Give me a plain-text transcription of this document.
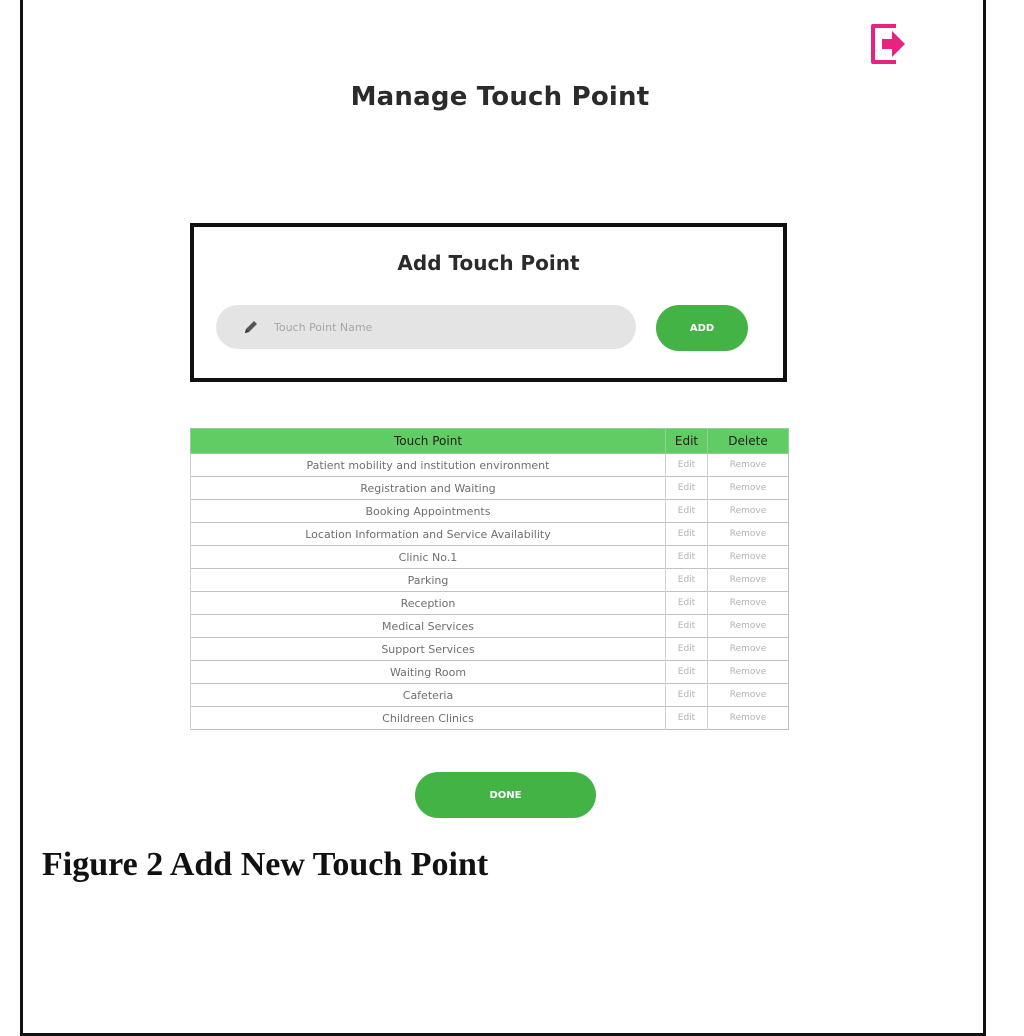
Manage Touch Point
Add Touch Point
Touch Point Name
ADD
Touch Point	Edit	Delete
Patient mobility and institution environment	Edit	Remove
Registration and Waiting	Edit	Remove
Booking Appointments	Edit	Remove
Location Information and Service Availability	Edit	Remove
Clinic No.1	Edit	Remove
Parking	Edit	Remove
Reception	Edit	Remove
Medical Services	Edit	Remove
Support Services	Edit	Remove
Waiting Room	Edit	Remove
Cafeteria	Edit	Remove
Childreen Clinics	Edit	Remove
DONE
Figure 2 Add New Touch Point
